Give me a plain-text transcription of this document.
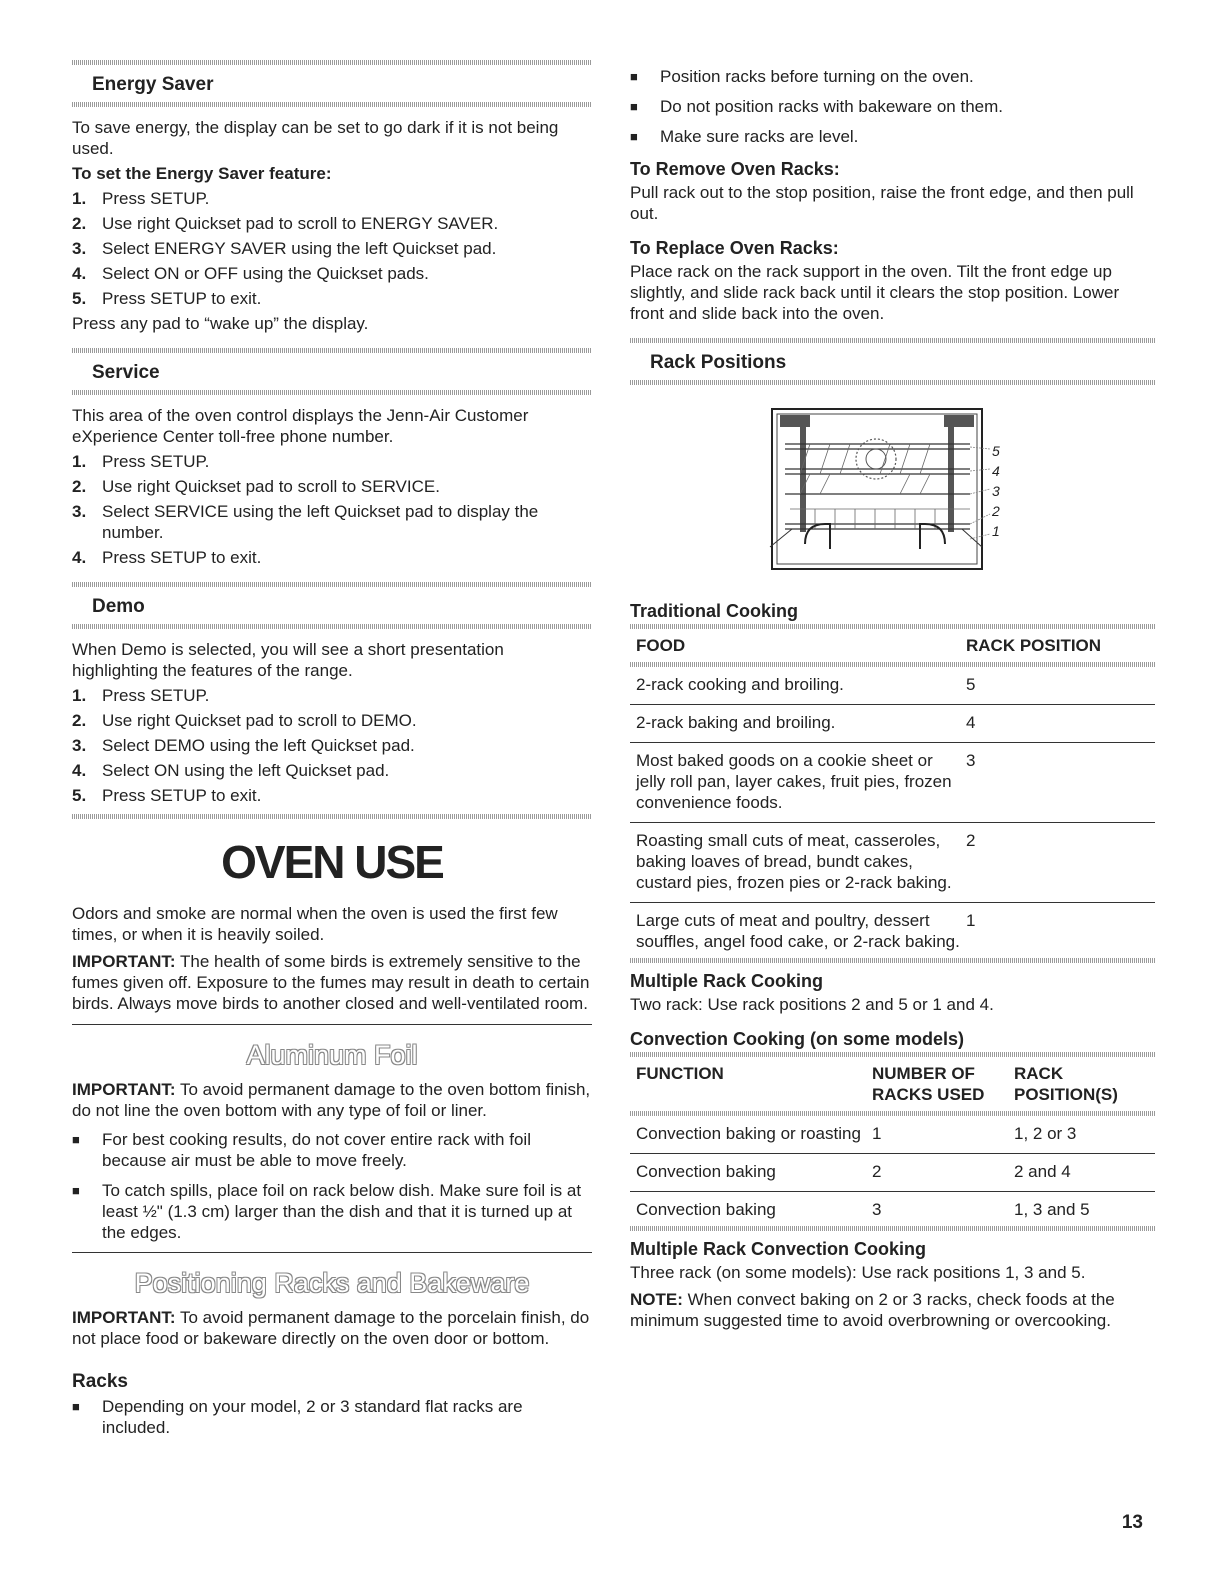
Energy Saver

To save energy, the display can be set to go dark if it is not being used.

To set the Energy Saver feature:

1. Press SETUP.
2. Use right Quickset pad to scroll to ENERGY SAVER.
3. Select ENERGY SAVER using the left Quickset pad.
4. Select ON or OFF using the Quickset pads.
5. Press SETUP to exit.

Press any pad to “wake up” the display.

Service

This area of the oven control displays the Jenn-Air Customer eXperience Center toll-free phone number.

1. Press SETUP.
2. Use right Quickset pad to scroll to SERVICE.
3. Select SERVICE using the left Quickset pad to display the number.
4. Press SETUP to exit.
Demo

When Demo is selected, you will see a short presentation highlighting the features of the range.

1. Press SETUP.
2. Use right Quickset pad to scroll to DEMO.
3. Select DEMO using the left Quickset pad.
4. Select ON using the left Quickset pad.
5. Press SETUP to exit.
OVEN USE

Odors and smoke are normal when the oven is used the first few times, or when it is heavily soiled.

IMPORTANT: The health of some birds is extremely sensitive to the fumes given off. Exposure to the fumes may result in death to certain birds. Always move birds to another closed and well-ventilated room.

Aluminum Foil

IMPORTANT: To avoid permanent damage to the oven bottom finish, do not line the oven bottom with any type of foil or liner.

■	For best cooking results, do not cover entire rack with foil because air must be able to move freely.
■	To catch spills, place foil on rack below dish. Make sure foil is at least ½" (1.3 cm) larger than the dish and that it is turned up at the edges.
Positioning Racks and Bakeware

IMPORTANT: To avoid permanent damage to the porcelain finish, do not place food or bakeware directly on the oven door or bottom.

Racks
■	Depending on your model, 2 or 3 standard flat racks are included.
■	Position racks before turning on the oven.
■	Do not position racks with bakeware on them.
■	Make sure racks are level.
To Remove Oven Racks:

Pull rack out to the stop position, raise the front edge, and then pull out.

To Replace Oven Racks:

Place rack on the rack support in the oven. Tilt the front edge up slightly, and slide rack back until it clears the stop position. Lower front and slide back into the oven.

Rack Positions
5
4
3
2
1
Traditional Cooking
FOOD	RACK POSITION

2-rack cooking and broiling.	5
2-rack baking and broiling.	4
Most baked goods on a cookie sheet or jelly roll pan, layer cakes, fruit pies, frozen convenience foods.	3
Roasting small cuts of meat, casseroles, baking loaves of bread, bundt cakes, custard pies, frozen pies or 2-rack baking.	2
Large cuts of meat and poultry, dessert souffles, angel food cake, or 2-rack baking.	1
Multiple Rack Cooking

Two rack: Use rack positions 2 and 5 or 1 and 4.

Convection Cooking (on some models)
FUNCTION	NUMBER OF RACKS USED	RACK POSITION(S)

Convection baking or roasting	1	1, 2 or 3
Convection baking	2	2 and 4
Convection baking	3	1, 3 and 5
Multiple Rack Convection Cooking

Three rack (on some models): Use rack positions 1, 3 and 5.

NOTE: When convect baking on 2 or 3 racks, check foods at the minimum suggested time to avoid overbrowning or overcooking.

13
